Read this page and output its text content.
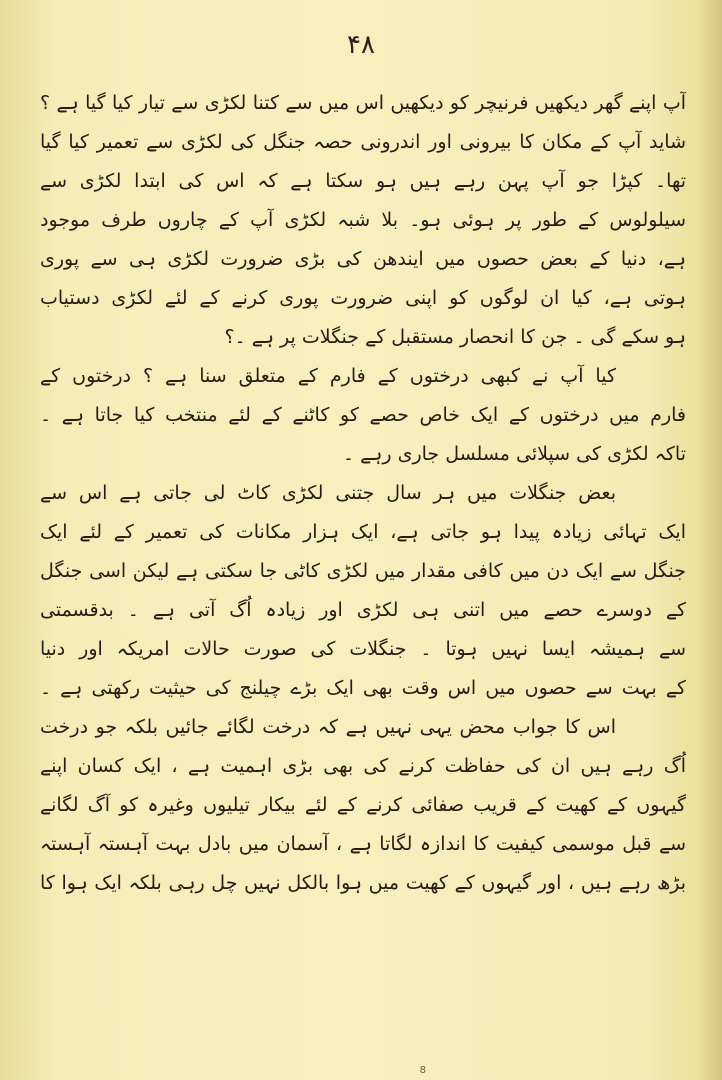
۴۸
آپ اپنے گھر دیکھیں فرنیچر کو دیکھیں اس میں سے کتنا لکڑی سے تیار کیا گیا ہے ؟
شاید آپ کے مکان کا بیرونی اور اندرونی حصہ جنگل کی لکڑی سے تعمیر کیا گیا
تھا۔ کپڑا جو آپ پہن رہے ہیں ہو سکتا ہے کہ اس کی ابتدا لکڑی سے
سیلولوس کے طور پر ہوئی ہو۔ بلا شبہ لکڑی آپ کے چاروں طرف موجود
ہے، دنیا کے بعض حصوں میں ایندھن کی بڑی ضرورت لکڑی ہی سے پوری
ہوتی ہے، کیا ان لوگوں کو اپنی ضرورت پوری کرنے کے لئے لکڑی دستیاب
ہو سکے گی ۔ جن کا انحصار مستقبل کے جنگلات پر ہے ۔؟
کیا آپ نے کبھی درختوں کے فارم کے متعلق سنا ہے ؟ درختوں کے
فارم میں درختوں کے ایک خاص حصے کو کاٹنے کے لئے منتخب کیا جاتا ہے ۔
تاکہ لکڑی کی سپلائی مسلسل جاری رہے ۔
بعض جنگلات میں ہر سال جتنی لکڑی کاٹ لی جاتی ہے اس سے
ایک تہائی زیادہ پیدا ہو جاتی ہے، ایک ہزار مکانات کی تعمیر کے لئے ایک
جنگل سے ایک دن میں کافی مقدار میں لکڑی کاٹی جا سکتی ہے لیکن اسی جنگل
کے دوسرے حصے میں اتنی ہی لکڑی اور زیادہ اُگ آتی ہے ۔ بدقسمتی
سے ہمیشہ ایسا نہیں ہوتا ۔ جنگلات کی صورت حالات امریکہ اور دنیا
کے بہت سے حصوں میں اس وقت بھی ایک بڑے چیلنج کی حیثیت رکھتی ہے ۔
اس کا جواب محض یہی نہیں ہے کہ درخت لگائے جائیں بلکہ جو درخت
اُگ رہے ہیں ان کی حفاظت کرنے کی بھی بڑی اہمیت ہے ، ایک کسان اپنے
گیہوں کے کھیت کے قریب صفائی کرنے کے لئے بیکار تیلیوں وغیرہ کو آگ لگانے
سے قبل موسمی کیفیت کا اندازہ لگاتا ہے ، آسمان میں بادل بہت آہستہ آہستہ
بڑھ رہے ہیں ، اور گیہوں کے کھیت میں ہوا بالکل نہیں چل رہی بلکہ ایک ہوا کا
8
